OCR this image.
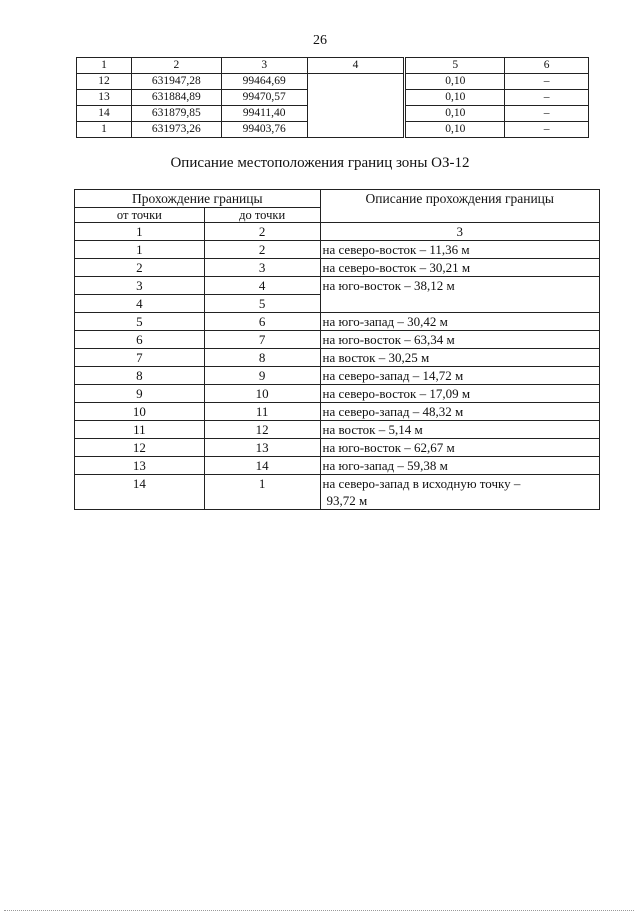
26
1	2	3	4	5	6
12	631947,28	99464,69		0,10	–
13	631884,89	99470,57		0,10	–
14	631879,85	99411,40		0,10	–
1	631973,26	99403,76		0,10	–
Описание местоположения границ зоны ОЗ-12
Прохождение границы		Описание прохождения границы
от точки	до точки	
1	2	3
1	2	на северо-восток – 11,36 м
2	3	на северо-восток – 30,21 м
3	4	на юго-восток – 38,12 м
4	5	
5	6	на юго-запад – 30,42 м
6	7	на юго-восток – 63,34 м
7	8	на восток – 30,25 м
8	9	на северо-запад – 14,72 м
9	10	на северо-восток – 17,09 м
10	11	на северо-запад – 48,32 м
11	12	на восток – 5,14 м
12	13	на юго-восток – 62,67 м
13	14	на юго-запад – 59,38 м
14	1	на северо-запад в исходную точку –
93,72 м
